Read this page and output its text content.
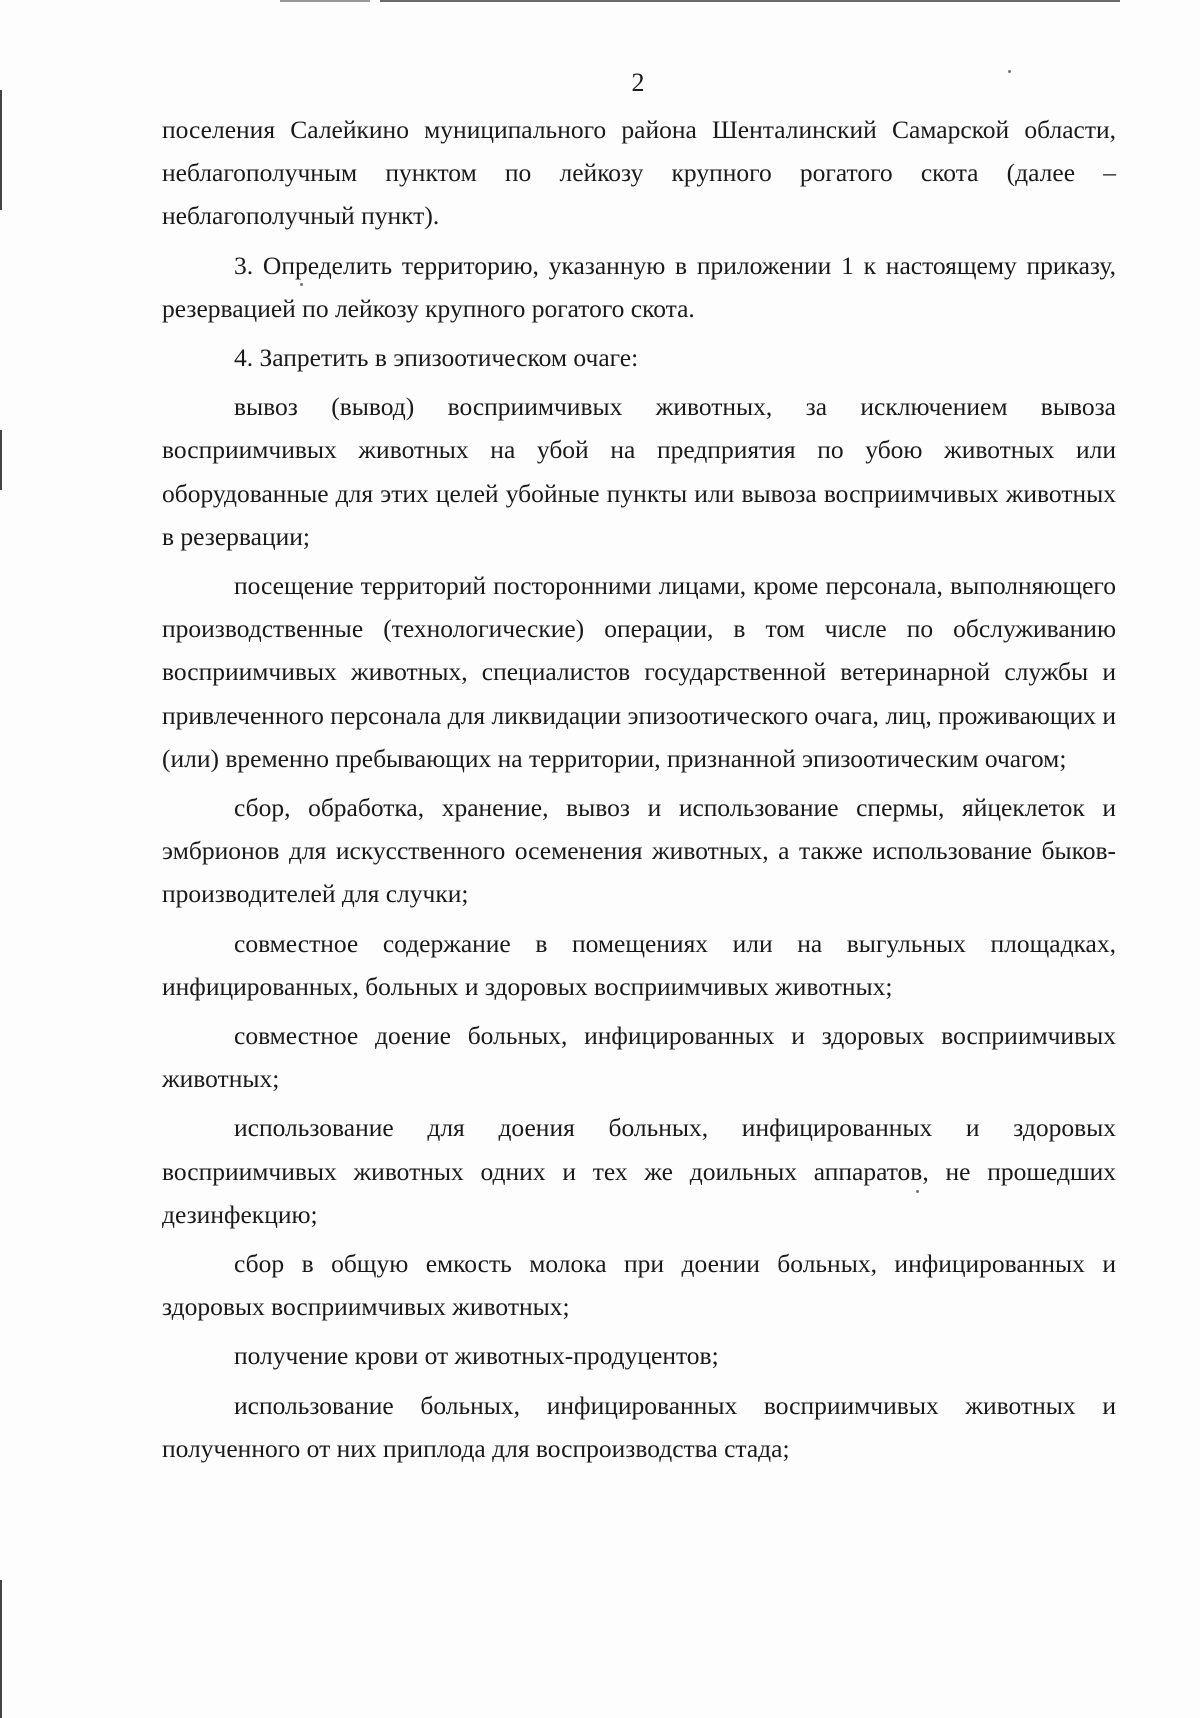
2

поселения Салейкино муниципального района Шенталинский Самарской области, неблагополучным пунктом по лейкозу крупного рогатого скота (далее – неблагополучный пункт).

3. Определить территорию, указанную в приложении 1 к настоящему приказу, резервацией по лейкозу крупного рогатого скота.

4. Запретить в эпизоотическом очаге:

вывоз (вывод) восприимчивых животных, за исключением вывоза восприимчивых животных на убой на предприятия по убою животных или оборудованные для этих целей убойные пункты или вывоза восприимчивых животных в резервации;

посещение территорий посторонними лицами, кроме персонала, выполняющего производственные (технологические) операции, в том числе по обслуживанию восприимчивых животных, специалистов государственной ветеринарной службы и привлеченного персонала для ликвидации эпизоотического очага, лиц, проживающих и (или) временно пребывающих на территории, признанной эпизоотическим очагом;

сбор, обработка, хранение, вывоз и использование спермы, яйцеклеток и эмбрионов для искусственного осеменения животных, а также использование быков-производителей для случки;

совместное содержание в помещениях или на выгульных площадках, инфицированных, больных и здоровых восприимчивых животных;

совместное доение больных, инфицированных и здоровых восприимчивых животных;

использование для доения больных, инфицированных и здоровых восприимчивых животных одних и тех же доильных аппаратов, не прошедших дезинфекцию;

сбор в общую емкость молока при доении больных, инфицированных и здоровых восприимчивых животных;

получение крови от животных-продуцентов;

использование больных, инфицированных восприимчивых животных и полученного от них приплода для воспроизводства стада;
